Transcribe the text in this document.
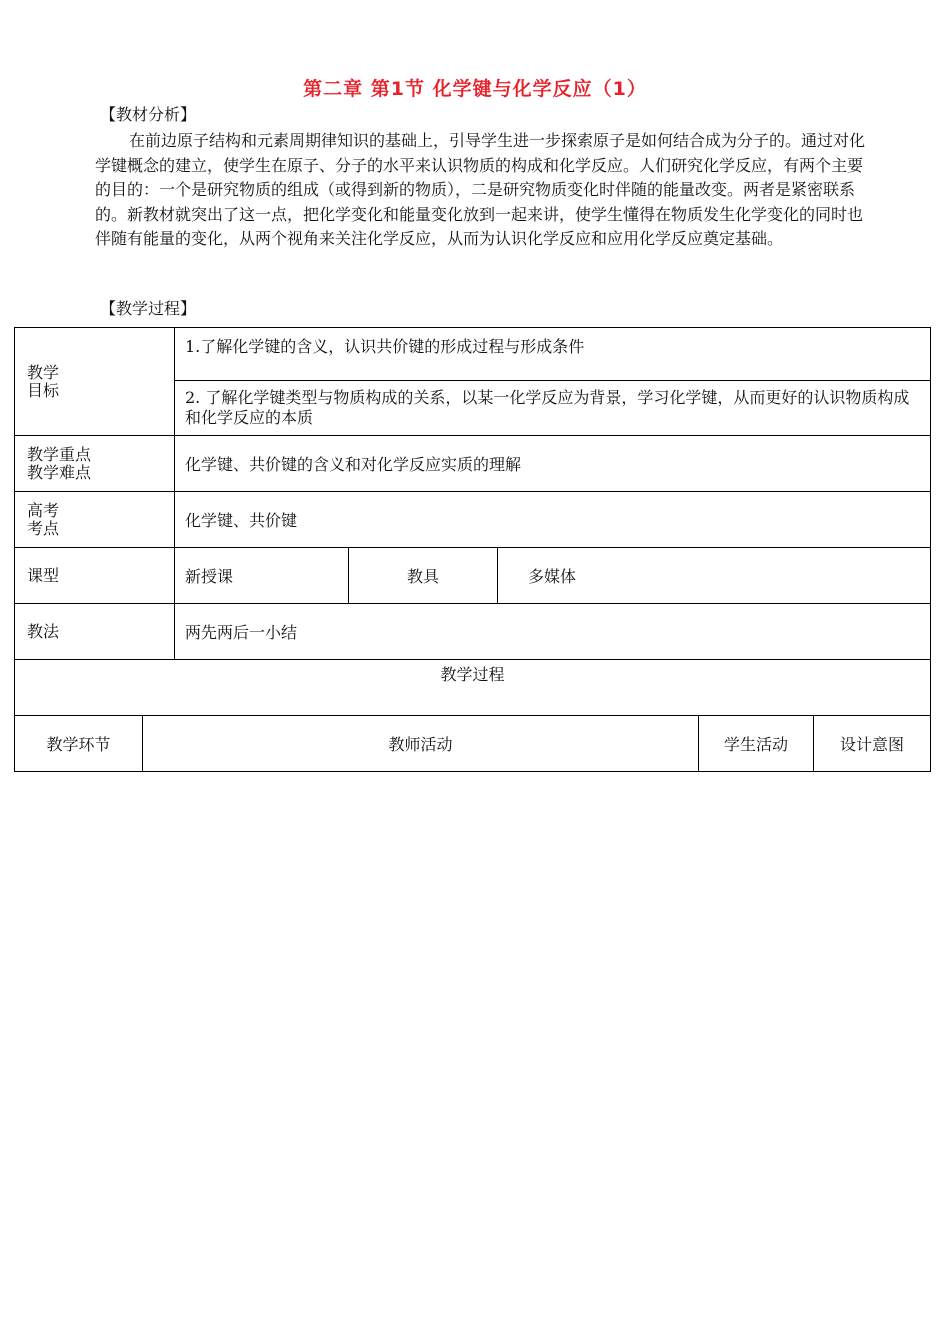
第二章 第1节 化学键与化学反应（1）
【教材分析】

在前边原子结构和元素周期律知识的基础上，引导学生进一步探索原子是如何结合成为分子的。通过对化学键概念的建立，使学生在原子、分子的水平来认识物质的构成和化学反应。人们研究化学反应，有两个主要的目的：一个是研究物质的组成（或得到新的物质），二是研究物质变化时伴随的能量改变。两者是紧密联系的。新教材就突出了这一点，把化学变化和能量变化放到一起来讲，使学生懂得在物质发生化学变化的同时也伴随有能量的变化，从两个视角来关注化学反应，从而为认识化学反应和应用化学反应奠定基础。

【教学过程】
教学
目标	1.了解化学键的含义，认识共价键的形成过程与形成条件		
	2. 了解化学键类型与物质构成的关系，以某一化学反应为背景，学习化学键，从而更好的认识物质构成和化学反应的本质		

教学重点
教学难点	化学键、共价键的含义和对化学反应实质的理解		

高考
考点	化学键、共价键		
课型	新授课	教具	多媒体
教法	两先两后一小结		
教学过程			
教学环节	教师活动	学生活动	设计意图
